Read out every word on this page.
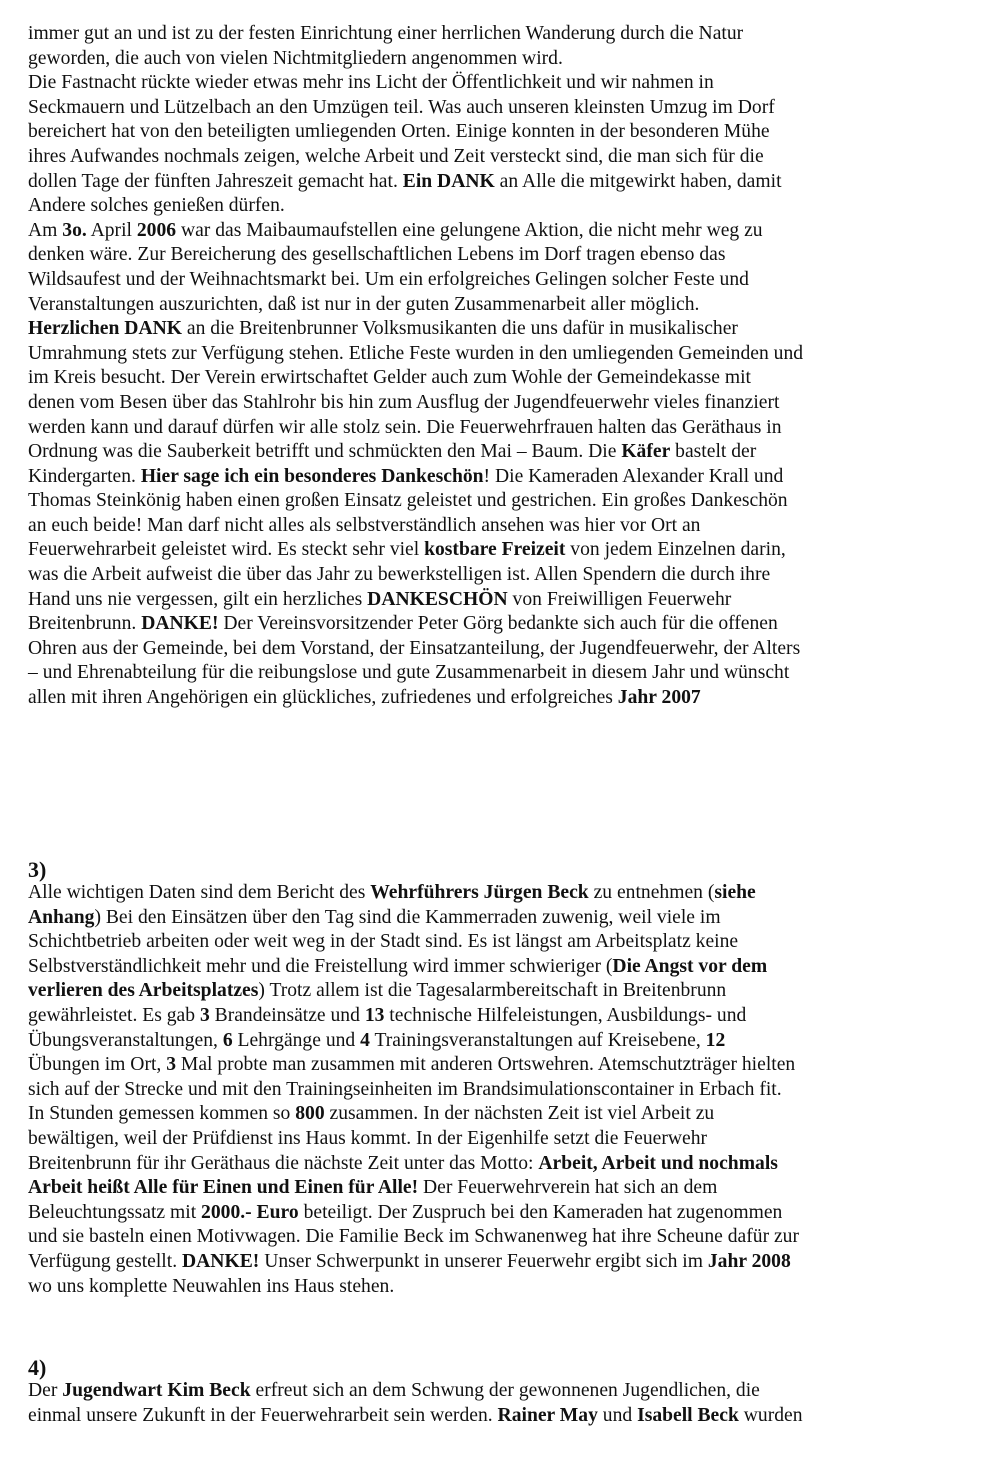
immer gut an und ist zu der festen Einrichtung einer herrlichen Wanderung durch die Natur
geworden, die auch von vielen Nichtmitgliedern angenommen wird.
Die Fastnacht rückte wieder etwas mehr ins Licht der Öffentlichkeit und wir nahmen in
Seckmauern und Lützelbach an den Umzügen teil. Was auch unseren kleinsten Umzug im Dorf
bereichert hat von den beteiligten umliegenden Orten. Einige konnten in der besonderen Mühe
ihres Aufwandes nochmals zeigen, welche Arbeit und Zeit versteckt sind, die man sich für die
dollen Tage der fünften Jahreszeit gemacht hat. Ein DANK an Alle die mitgewirkt haben, damit
Andere solches genießen dürfen.
Am 3o. April 2006 war das Maibaumaufstellen eine gelungene Aktion, die nicht mehr weg zu
denken wäre. Zur Bereicherung des gesellschaftlichen Lebens im Dorf tragen ebenso das
Wildsaufest und der Weihnachtsmarkt bei. Um ein erfolgreiches Gelingen solcher Feste und
Veranstaltungen auszurichten, daß ist nur in der guten Zusammenarbeit aller möglich.
Herzlichen DANK an die Breitenbrunner Volksmusikanten die uns dafür in musikalischer
Umrahmung stets zur Verfügung stehen. Etliche Feste wurden in den umliegenden Gemeinden und
im Kreis besucht. Der Verein erwirtschaftet Gelder auch zum Wohle der Gemeindekasse mit
denen vom Besen über das Stahlrohr bis hin zum Ausflug der Jugendfeuerwehr vieles finanziert
werden kann und darauf dürfen wir alle stolz sein. Die Feuerwehrfrauen halten das Geräthaus in
Ordnung was die Sauberkeit betrifft und schmückten den Mai – Baum. Die Käfer bastelt der
Kindergarten. Hier sage ich ein besonderes Dankeschön! Die Kameraden Alexander Krall und
Thomas Steinkönig haben einen großen Einsatz geleistet und gestrichen. Ein großes Dankeschön
an euch beide! Man darf nicht alles als selbstverständlich ansehen was hier vor Ort an
Feuerwehrarbeit geleistet wird. Es steckt sehr viel kostbare Freizeit von jedem Einzelnen darin,
was die Arbeit aufweist die über das Jahr zu bewerkstelligen ist. Allen Spendern die durch ihre
Hand uns nie vergessen, gilt ein herzliches DANKESCHÖN von Freiwilligen Feuerwehr
Breitenbrunn. DANKE! Der Vereinsvorsitzender Peter Görg bedankte sich auch für die offenen
Ohren aus der Gemeinde, bei dem Vorstand, der Einsatzanteilung, der Jugendfeuerwehr, der Alters
– und Ehrenabteilung für die reibungslose und gute Zusammenarbeit in diesem Jahr und wünscht
allen mit ihren Angehörigen ein glückliches, zufriedenes und erfolgreiches Jahr 2007
3)
Alle wichtigen Daten sind dem Bericht des Wehrführers Jürgen Beck zu entnehmen (siehe
Anhang) Bei den Einsätzen über den Tag sind die Kammerraden zuwenig, weil viele im
Schichtbetrieb arbeiten oder weit weg in der Stadt sind. Es ist längst am Arbeitsplatz keine
Selbstverständlichkeit mehr und die Freistellung wird immer schwieriger (Die Angst vor dem
verlieren des Arbeitsplatzes) Trotz allem ist die Tagesalarmbereitschaft in Breitenbrunn
gewährleistet. Es gab 3 Brandeinsätze und 13 technische Hilfeleistungen, Ausbildungs- und
Übungsveranstaltungen, 6 Lehrgänge und 4 Trainingsveranstaltungen auf Kreisebene, 12
Übungen im Ort, 3 Mal probte man zusammen mit anderen Ortswehren. Atemschutzträger hielten
sich auf der Strecke und mit den Trainingseinheiten im Brandsimulationscontainer in Erbach fit.
In Stunden gemessen kommen so 800 zusammen. In der nächsten Zeit ist viel Arbeit zu
bewältigen, weil der Prüfdienst ins Haus kommt. In der Eigenhilfe setzt die Feuerwehr
Breitenbrunn für ihr Geräthaus die nächste Zeit unter das Motto: Arbeit, Arbeit und nochmals
Arbeit heißt Alle für Einen und Einen für Alle! Der Feuerwehrverein hat sich an dem
Beleuchtungssatz mit 2000.- Euro beteiligt. Der Zuspruch bei den Kameraden hat zugenommen
und sie basteln einen Motivwagen. Die Familie Beck im Schwanenweg hat ihre Scheune dafür zur
Verfügung gestellt. DANKE! Unser Schwerpunkt in unserer Feuerwehr ergibt sich im Jahr 2008
wo uns komplette Neuwahlen ins Haus stehen.
4)
Der Jugendwart Kim Beck erfreut sich an dem Schwung der gewonnenen Jugendlichen, die
einmal unsere Zukunft in der Feuerwehrarbeit sein werden. Rainer May und Isabell Beck wurden
